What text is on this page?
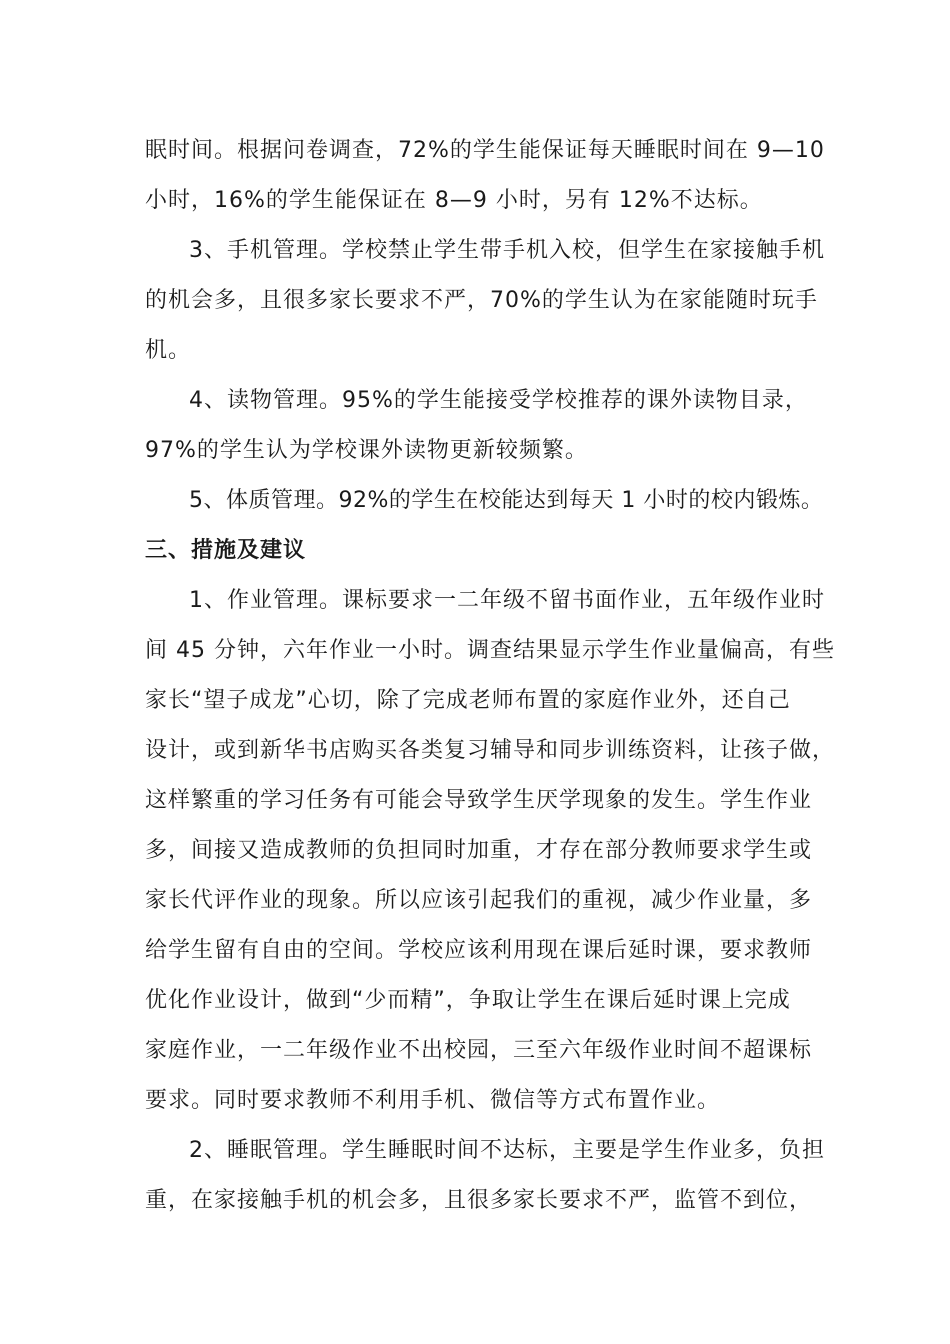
眠时间。根据问卷调查，72%的学生能保证每天睡眠时间在 9—10
小时，16%的学生能保证在 8—9 小时，另有 12%不达标。
3、手机管理。学校禁止学生带手机入校，但学生在家接触手机
的机会多，且很多家长要求不严，70%的学生认为在家能随时玩手
机。
4、读物管理。95%的学生能接受学校推荐的课外读物目录，
97%的学生认为学校课外读物更新较频繁。
5、体质管理。92%的学生在校能达到每天 1 小时的校内锻炼。
三、措施及建议
1、作业管理。课标要求一二年级不留书面作业，五年级作业时
间 45 分钟，六年作业一小时。调查结果显示学生作业量偏高，有些
家长“望子成龙”心切，除了完成老师布置的家庭作业外，还自己
设计，或到新华书店购买各类复习辅导和同步训练资料，让孩子做，
这样繁重的学习任务有可能会导致学生厌学现象的发生。学生作业
多，间接又造成教师的负担同时加重，才存在部分教师要求学生或
家长代评作业的现象。所以应该引起我们的重视，减少作业量，多
给学生留有自由的空间。学校应该利用现在课后延时课，要求教师
优化作业设计，做到“少而精”，争取让学生在课后延时课上完成
家庭作业，一二年级作业不出校园，三至六年级作业时间不超课标
要求。同时要求教师不利用手机、微信等方式布置作业。
2、睡眠管理。学生睡眠时间不达标，主要是学生作业多，负担
重，在家接触手机的机会多，且很多家长要求不严，监管不到位，
